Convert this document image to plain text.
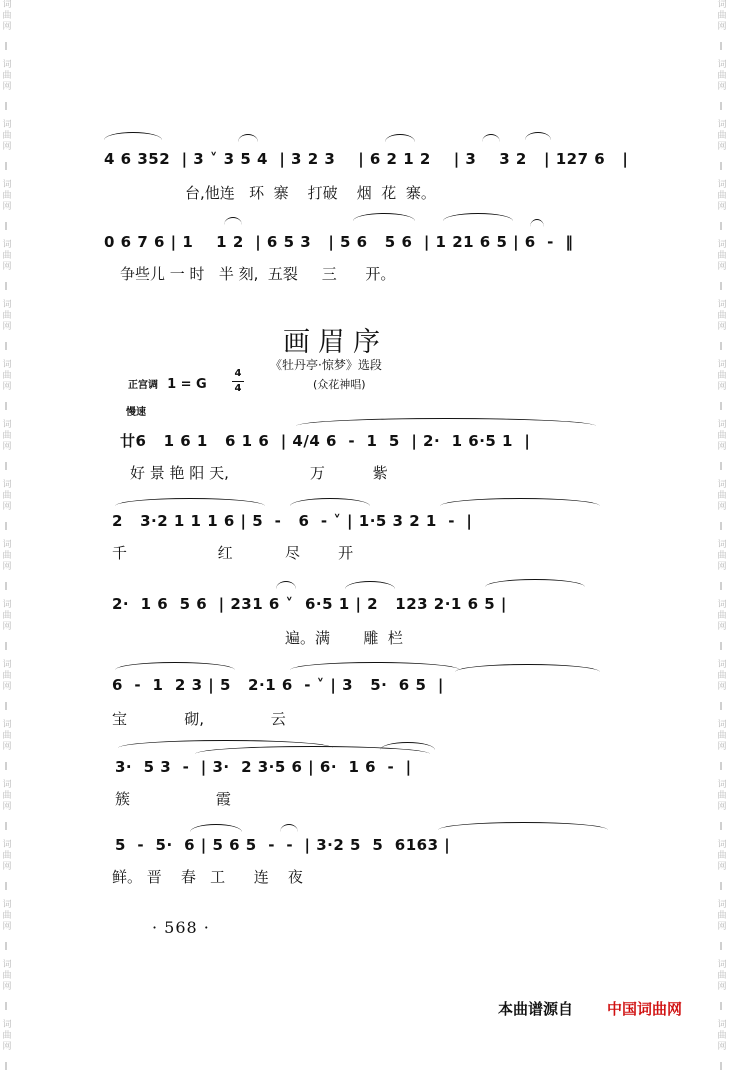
词
曲
网
词
曲
网
词
曲
网
词
曲
网
词
曲
网
词
曲
网
词
曲
网
词
曲
网
词
曲
网
词
曲
网
词
曲
网
词
曲
网
词
曲
网
词
曲
网
词
曲
网
词
曲
网
词
曲
网
词
曲
网
词
曲
网
词
曲
网
词
曲
网
词
曲
网
词
曲
网
词
曲
网
词
曲
网
词
曲
网
词
曲
网
词
曲
网
词
曲
网
词
曲
网
词
曲
网
词
曲
网
词
曲
网
词
曲
网
词
曲
网
词
曲
网
4 6 352  | 3 ˅ 3 5 4  | 3 2 3    | 6 2 1 2    | 3    3 2   | 127 6   |
台,他连   环  寨    打破    烟  花  寨。
0 6 7 6 | 1    1 2  | 6 5 3   | 5 6   5 6  | 1 21 6 5 | 6  -  ‖
争些儿 一 时   半 刻,  五裂     三      开。
画眉序
《牡丹亭·惊梦》选段
(众花神唱)
正宫调 1 = G
4
4
慢速
廿6   1 6 1   6 1 6  | 4/4 6  -  1  5  | 2·  1 6·5 1  |
好 景 艳 阳 天,                 万          紫
2   3·2 1 1 1 6 | 5  -   6  - ˅ | 1·5 3 2 1  -  |
千                   红           尽        开
2·  1 6  5 6  | 231 6 ˅  6·5 1 | 2   123 2·1 6 5 |
遍。满       雕  栏
6  -  1  2 3 | 5   2·1 6  - ˅ | 3   5·  6 5  |
宝            砌,              云
3·  5 3  -  | 3·  2 3·5 6 | 6·  1 6  -  |
簇                  霞
5  -  5·  6 | 5 6 5  -  -  | 3·2 5  5  6163 |
鲜。 晋    春   工      连    夜
· 568 ·
本曲谱源自 中国词曲网
